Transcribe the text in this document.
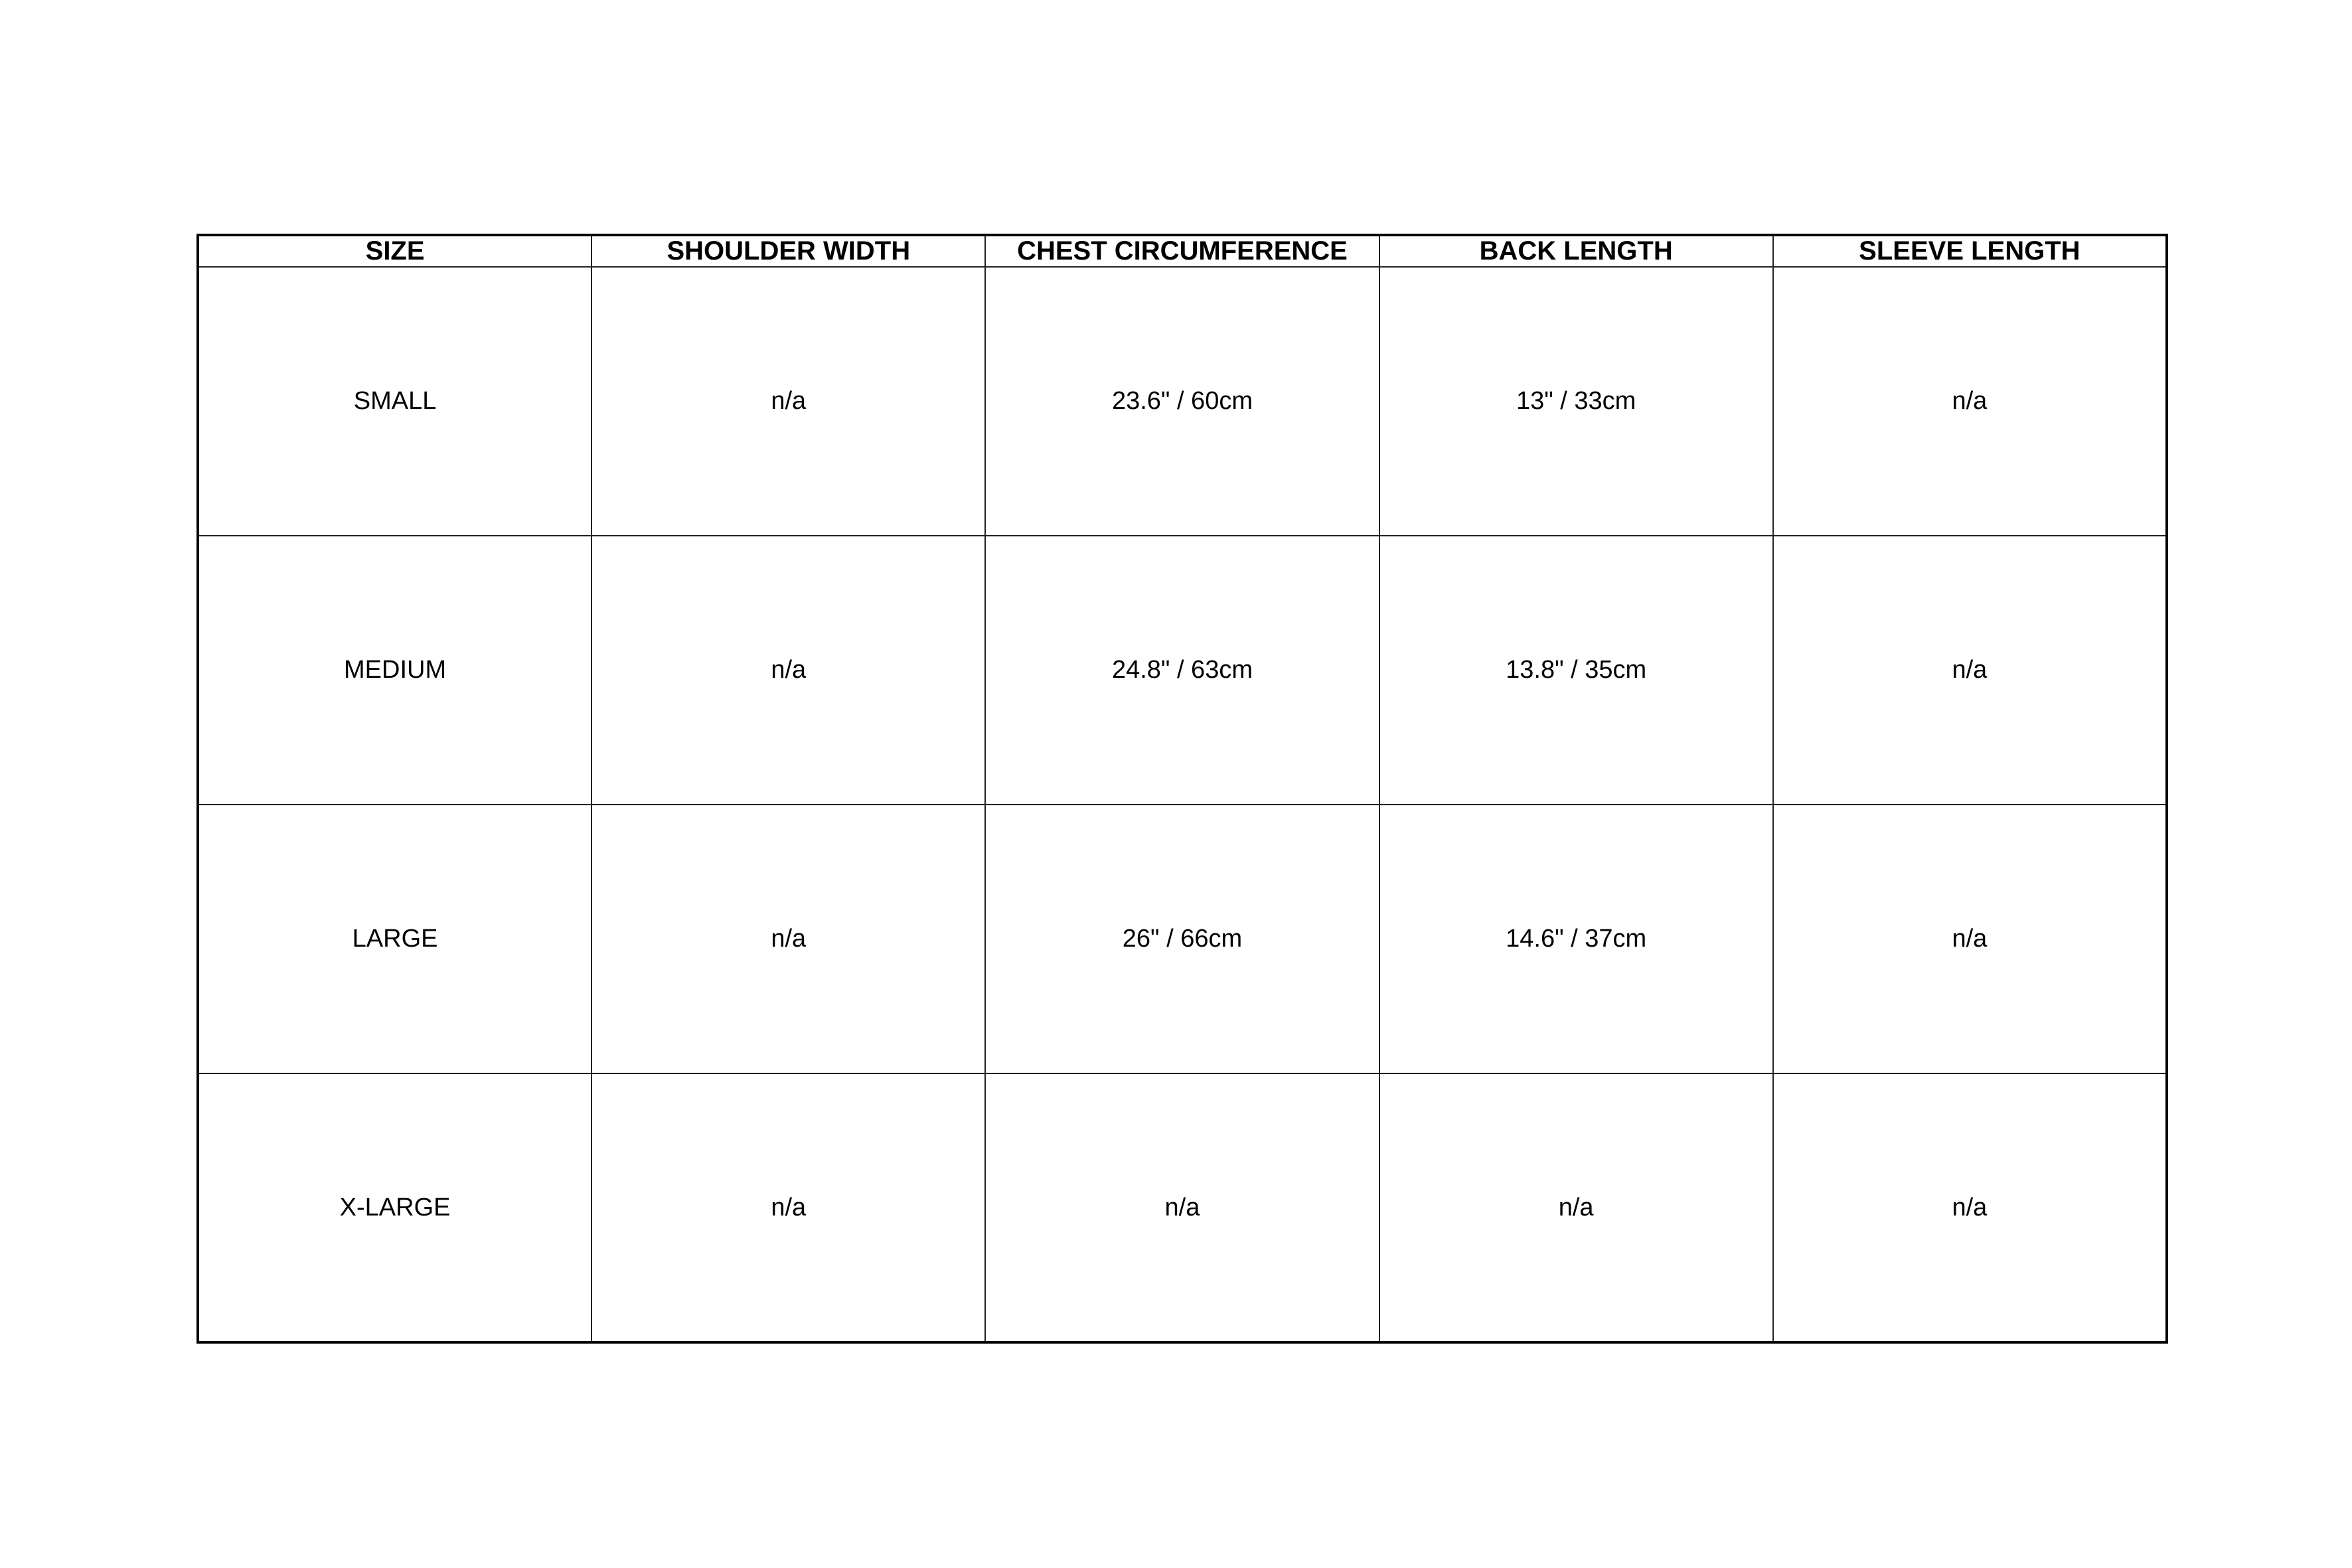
SIZE	SHOULDER WIDTH	CHEST CIRCUMFERENCE	BACK LENGTH	SLEEVE LENGTH
SMALL	n/a	23.6" / 60cm	13" / 33cm	n/a
MEDIUM	n/a	24.8" / 63cm	13.8" / 35cm	n/a
LARGE	n/a	26" / 66cm	14.6" / 37cm	n/a
X-LARGE	n/a	n/a	n/a	n/a
